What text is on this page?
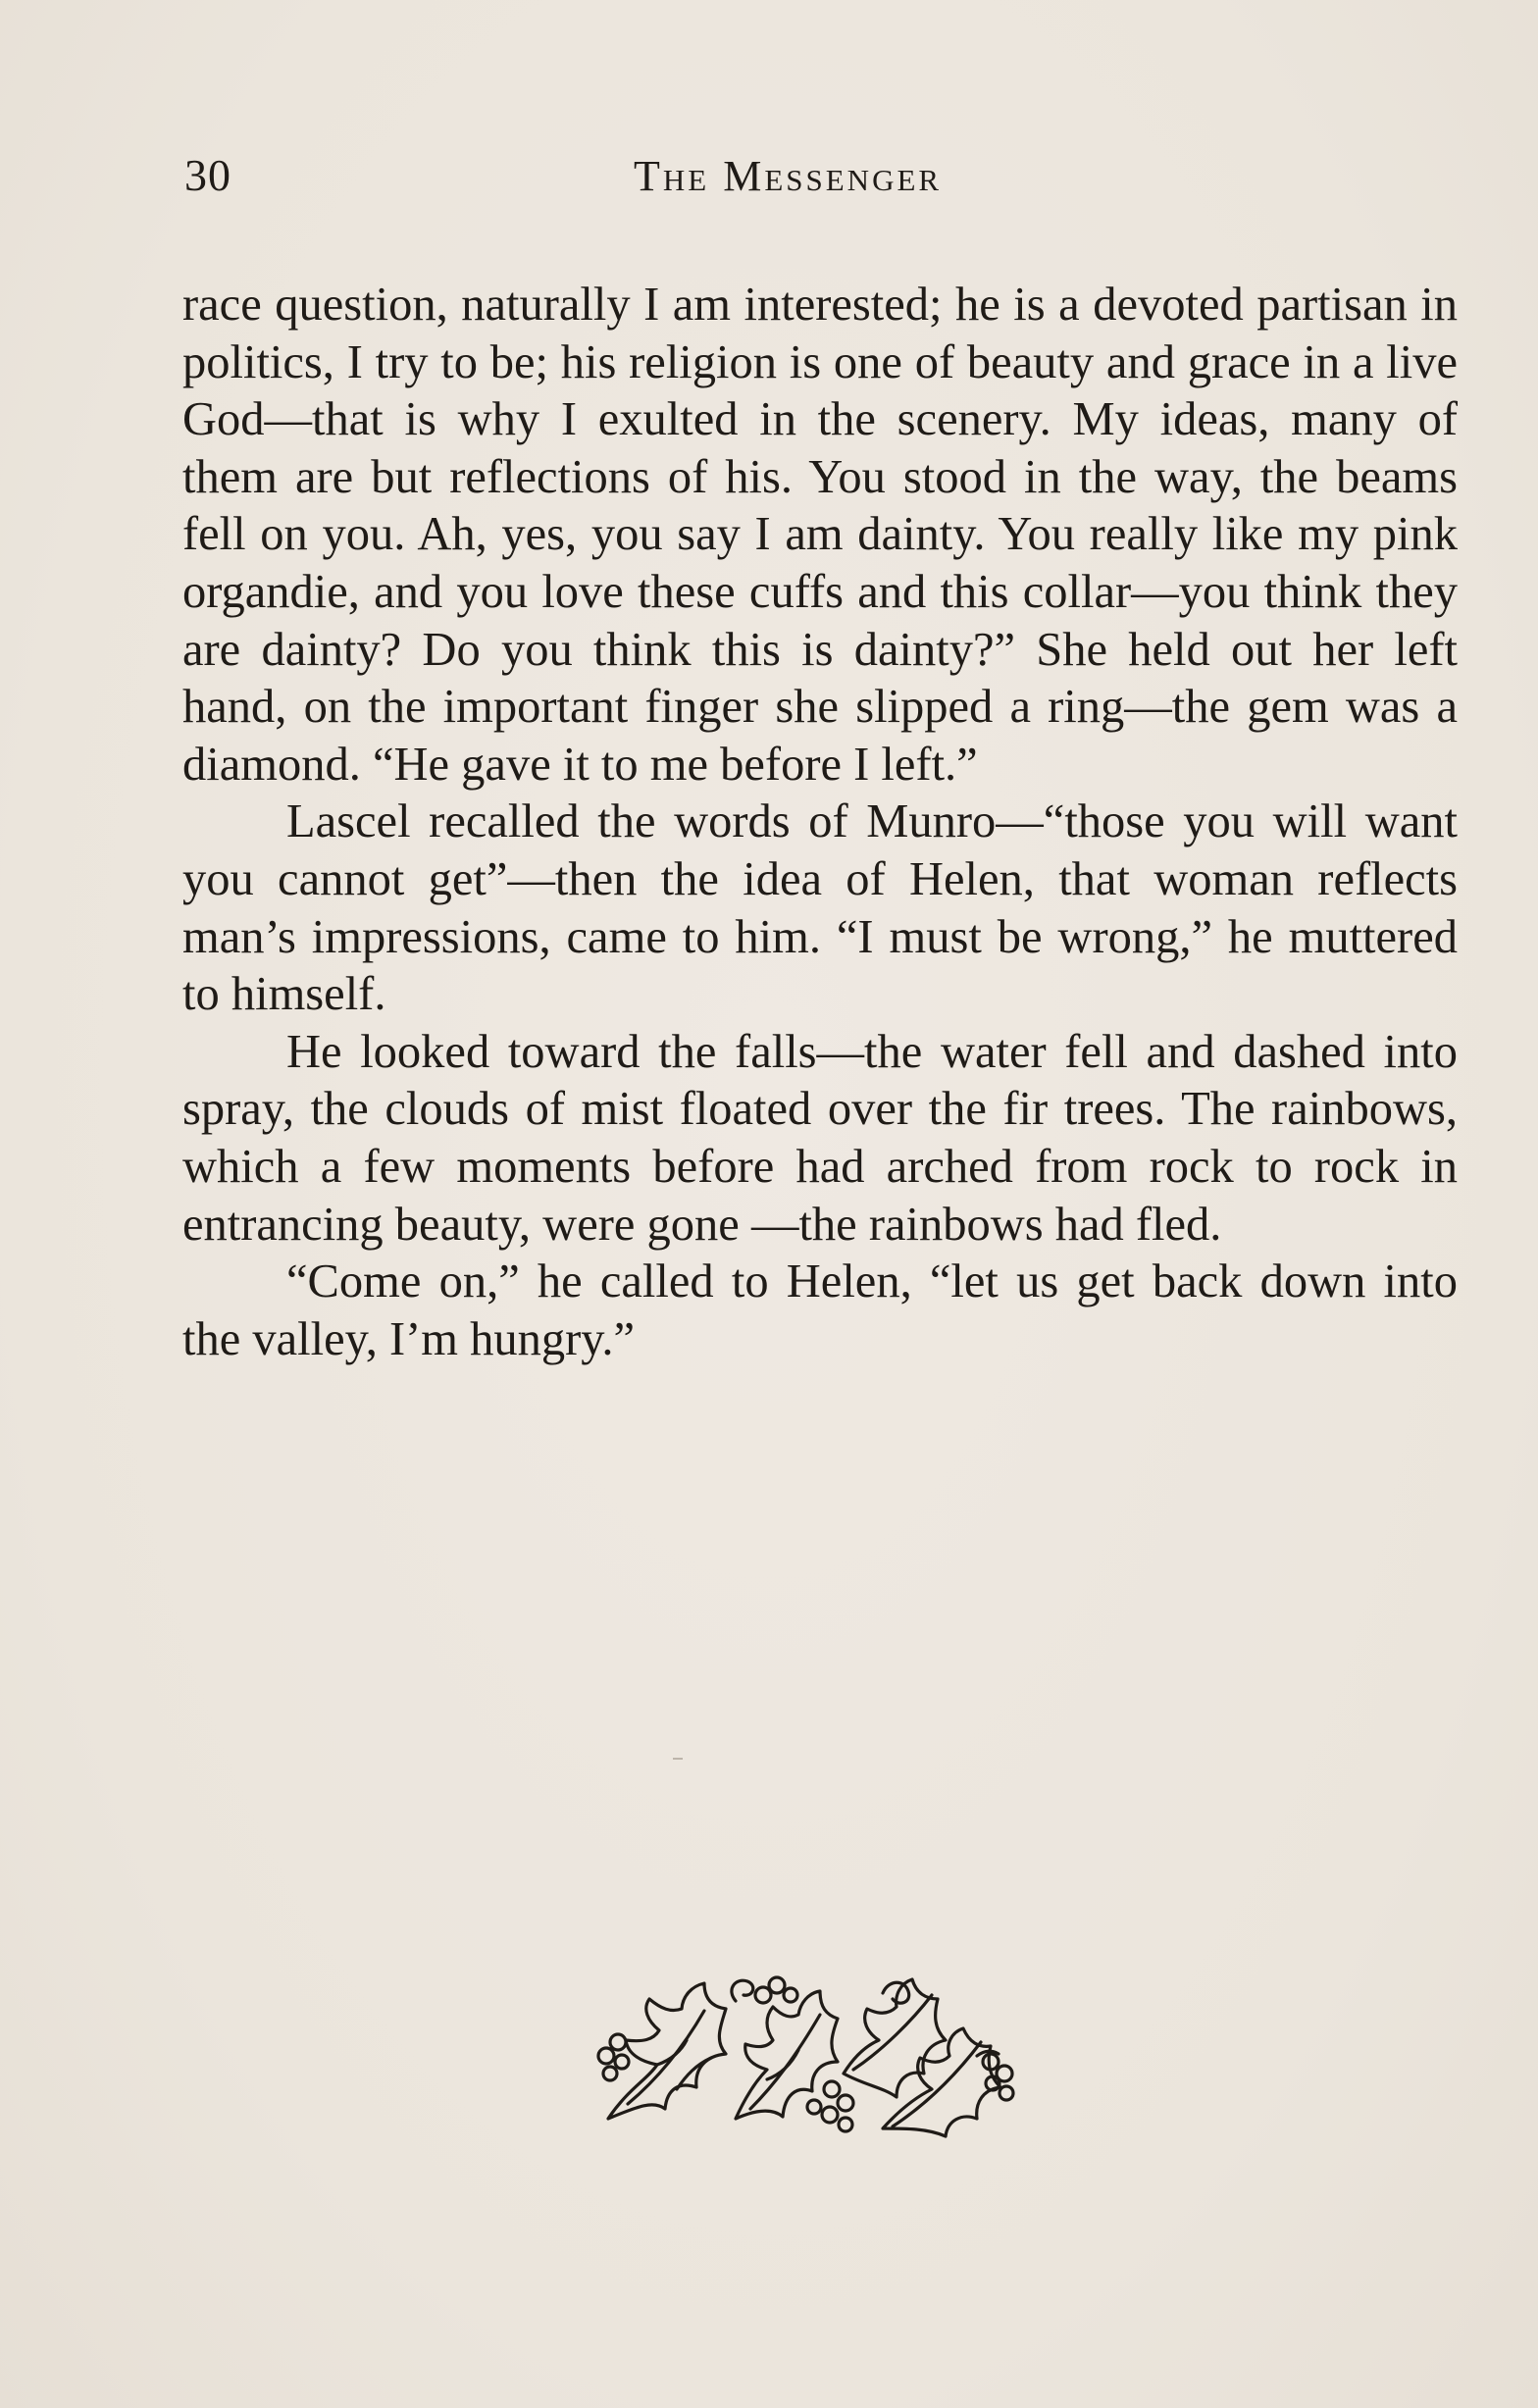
30	The Messenger

race question, naturally I am interested; he is a devoted partisan in politics, I try to be; his religion is one of beauty and grace in a live God—that is why I exulted in the scenery. My ideas, many of them are but reflections of his. You stood in the way, the beams fell on you. Ah, yes, you say I am dainty. You really like my pink organdie, and you love these cuffs and this collar—you think they are dainty? Do you think this is dainty?” She held out her left hand, on the important finger she slipped a ring—the gem was a diamond. “He gave it to me before I left.”

Lascel recalled the words of Munro—“those you will want you cannot get”—then the idea of Helen, that woman reflects man’s impressions, came to him. “I must be wrong,” he muttered to himself.

He looked toward the falls—the water fell and dashed into spray, the clouds of mist floated over the fir trees. The rainbows, which a few moments before had arched from rock to rock in entrancing beauty, were gone —the rainbows had fled.

“Come on,” he called to Helen, “let us get back down into the valley, I’m hungry.”
